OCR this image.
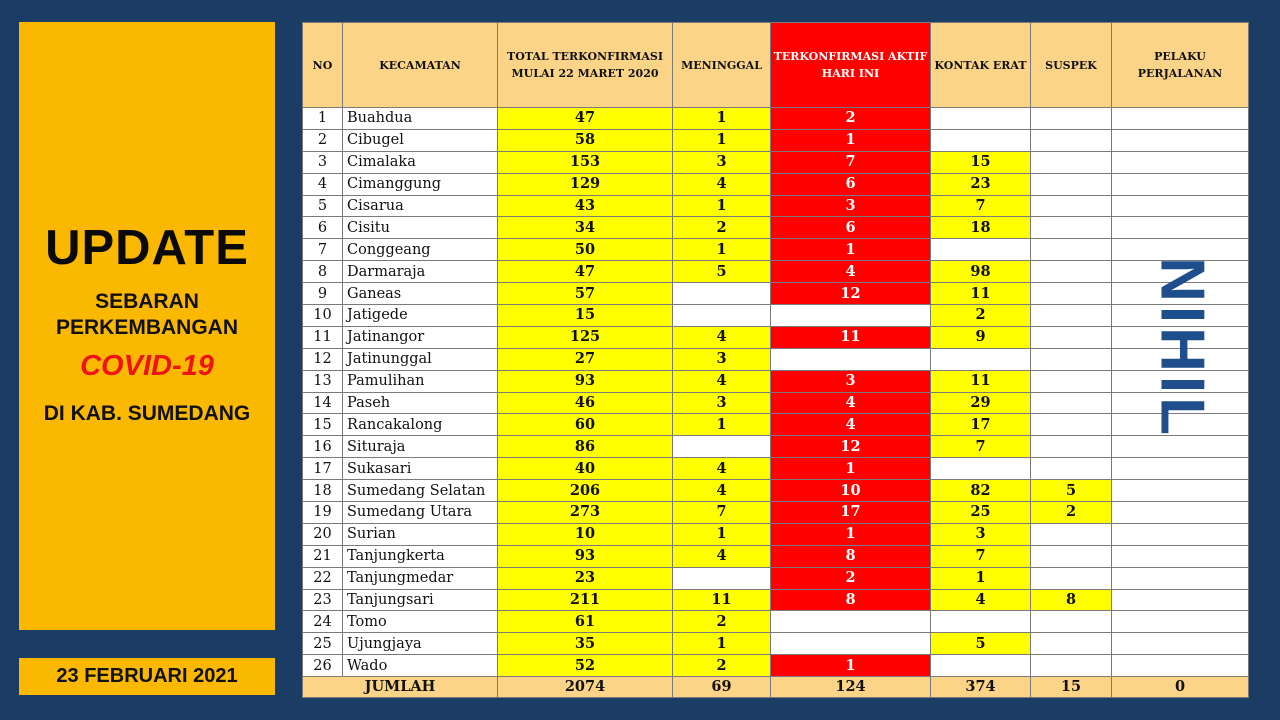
UPDATE
SEBARAN
PERKEMBANGAN
COVID-19
DI KAB. SUMEDANG
23 FEBRUARI 2021
NO	KECAMATAN	TOTAL TERKONFIRMASI MULAI 22 MARET 2020	MENINGGAL	TERKONFIRMASI AKTIF HARI INI	KONTAK ERAT	SUSPEK	PELAKU PERJALANAN
1	Buahdua	47	1	2			
2	Cibugel	58	1	1			
3	Cimalaka	153	3	7	15		
4	Cimanggung	129	4	6	23		
5	Cisarua	43	1	3	7		
6	Cisitu	34	2	6	18		
7	Conggeang	50	1	1			
8	Darmaraja	47	5	4	98		
9	Ganeas	57		12	11		
10	Jatigede	15			2		
11	Jatinangor	125	4	11	9		
12	Jatinunggal	27	3				
13	Pamulihan	93	4	3	11		
14	Paseh	46	3	4	29		
15	Rancakalong	60	1	4	17		
16	Situraja	86		12	7		
17	Sukasari	40	4	1			
18	Sumedang Selatan	206	4	10	82	5	
19	Sumedang Utara	273	7	17	25	2	
20	Surian	10	1	1	3		
21	Tanjungkerta	93	4	8	7		
22	Tanjungmedar	23		2	1		
23	Tanjungsari	211	11	8	4	8	
24	Tomo	61	2				
25	Ujungjaya	35	1		5		
26	Wado	52	2	1			
JUMLAH		2074	69	124	374	15	0
NIHIL
